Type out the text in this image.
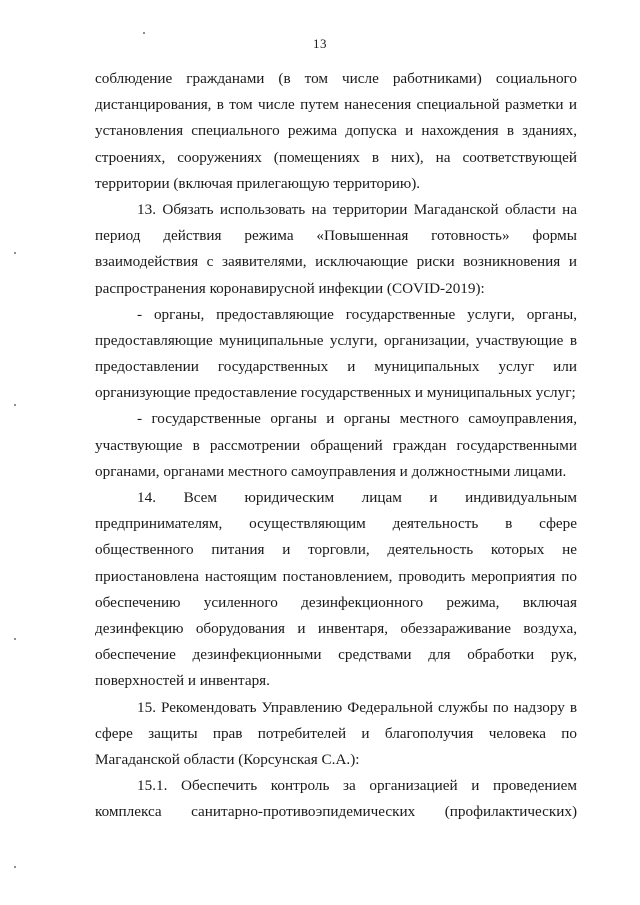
13
соблюдение гражданами (в том числе работниками) социального
дистанцирования, в том числе путем нанесения специальной разметки и
установления специального режима допуска и нахождения в зданиях,
строениях, сооружениях (помещениях в них), на соответствующей
территории (включая прилегающую территорию).
13. Обязать использовать на территории Магаданской области на
период действия режима «Повышенная готовность» формы
взаимодействия с заявителями, исключающие риски возникновения и
распространения коронавирусной инфекции (COVID-2019):
- органы, предоставляющие государственные услуги, органы,
предоставляющие муниципальные услуги, организации, участвующие в
предоставлении государственных и муниципальных услуг или
организующие предоставление государственных и муниципальных услуг;
- государственные органы и органы местного самоуправления,
участвующие в рассмотрении обращений граждан государственными
органами, органами местного самоуправления и должностными лицами.
14. Всем юридическим лицам и индивидуальным
предпринимателям, осуществляющим деятельность в сфере
общественного питания и торговли, деятельность которых не
приостановлена настоящим постановлением, проводить мероприятия по
обеспечению усиленного дезинфекционного режима, включая
дезинфекцию оборудования и инвентаря, обеззараживание воздуха,
обеспечение дезинфекционными средствами для обработки рук,
поверхностей и инвентаря.
15. Рекомендовать Управлению Федеральной службы по надзору в
сфере защиты прав потребителей и благополучия человека по
Магаданской области (Корсунская С.А.):
15.1. Обеспечить контроль за организацией и проведением
комплекса санитарно-противоэпидемических (профилактических)
